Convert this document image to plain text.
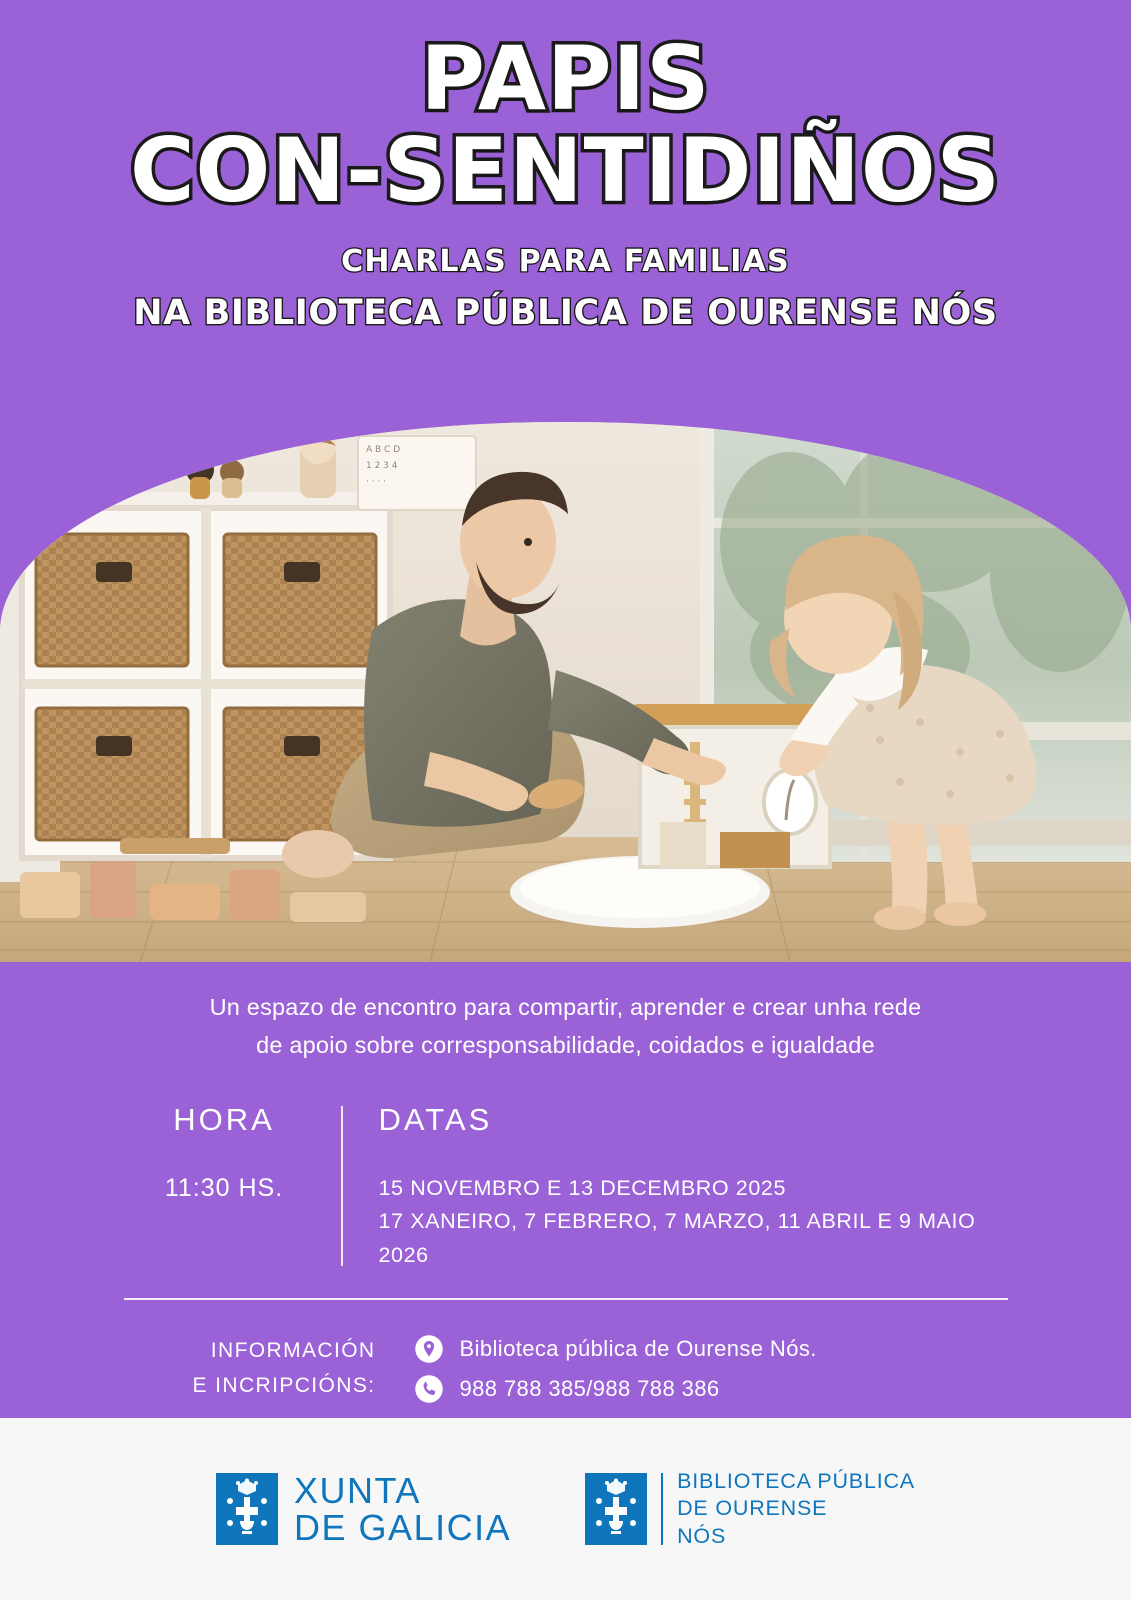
PAPIS
CON-SENTIDIÑOS
CHARLAS PARA FAMILIAS
NA BIBLIOTECA PÚBLICA DE OURENSE NÓS
A B C D
1 2 3 4
· · · ·
Un espazo de encontro para compartir, aprender e crear unha rede
de apoio sobre corresponsabilidade, coidados e igualdade
HORA
11:30 HS.
DATAS
15 NOVEMBRO E 13 DECEMBRO 2025
17 XANEIRO, 7 FEBRERO, 7 MARZO, 11 ABRIL E 9 MAIO 2026
INFORMACIÓN
E INCRIPCIÓNS:
Biblioteca pública de Ourense Nós.
988 788 385/988 788 386
XUNTA
DE GALICIA
BIBLIOTECA PÚBLICA
DE OURENSE
NÓS
